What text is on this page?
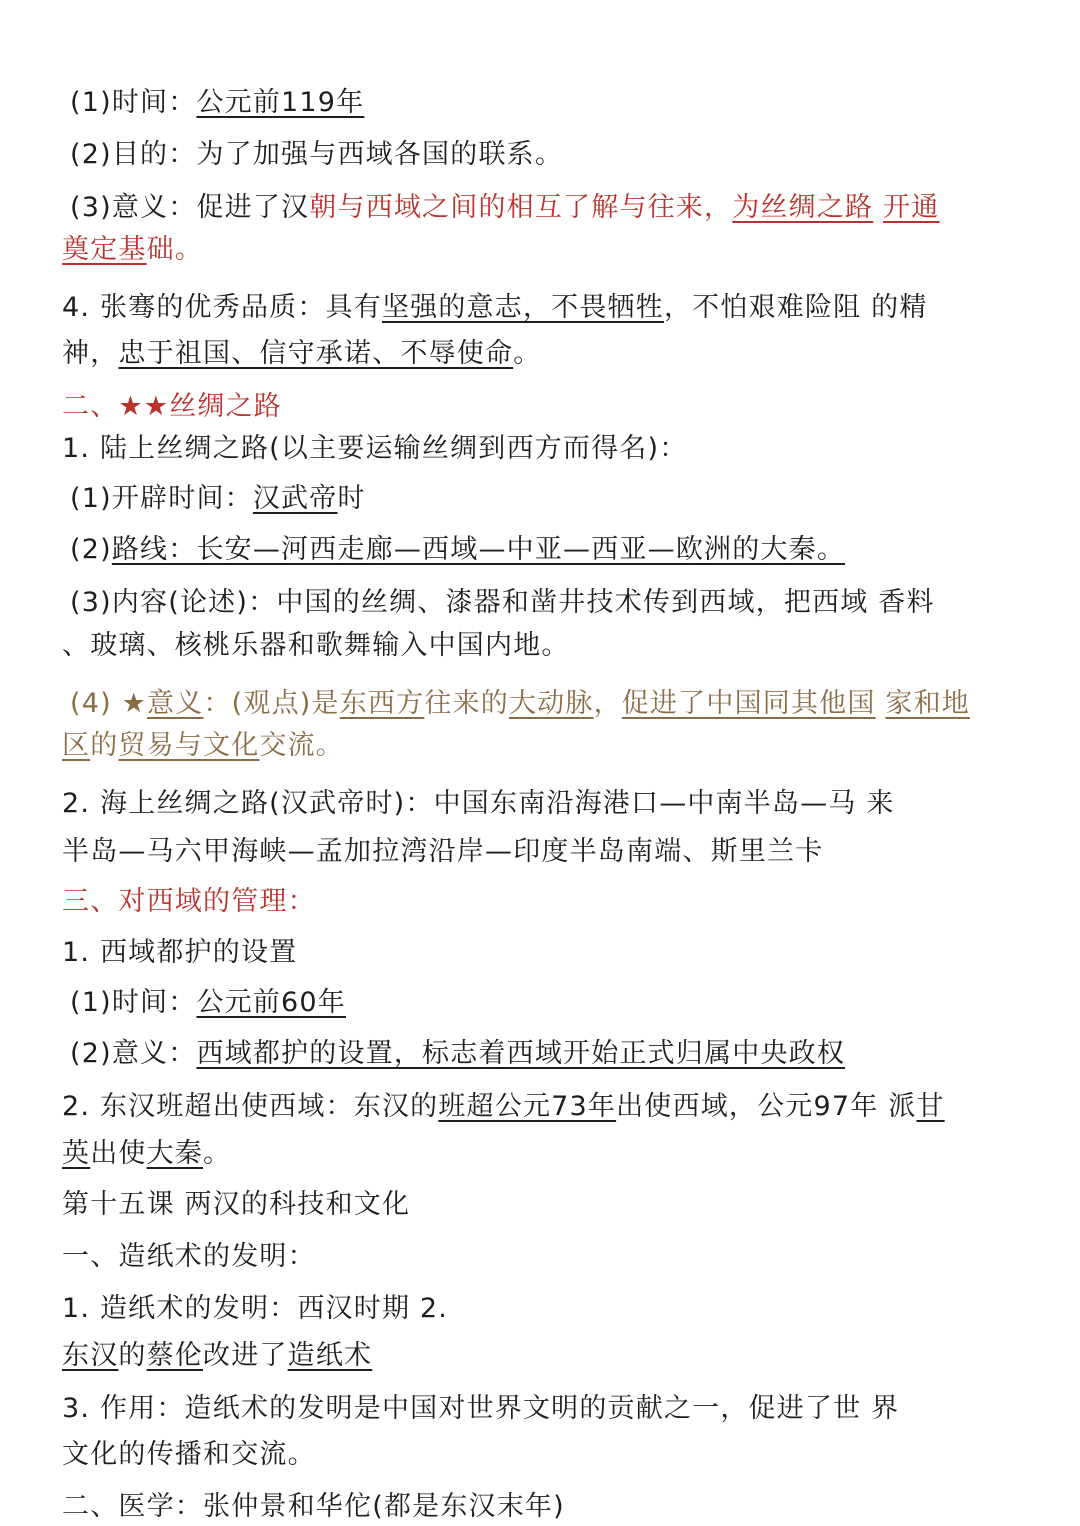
(1)时间：公元前119年
(2)目的：为了加强与西域各国的联系。
(3)意义：促进了汉朝与西域之间的相互了解与往来，为丝绸之路 开通
奠定基础。
4. 张骞的优秀品质：具有坚强的意志，不畏牺牲，不怕艰难险阻 的精
神，忠于祖国、信守承诺、不辱使命。
二、★★丝绸之路
1. 陆上丝绸之路(以主要运输丝绸到西方而得名)：
(1)开辟时间：汉武帝时
(2)路线：长安—河西走廊—西域—中亚—西亚—欧洲的大秦。
(3)内容(论述)：中国的丝绸、漆器和凿井技术传到西域，把西域 香料
、玻璃、核桃乐器和歌舞输入中国内地。
(4) ★意义：(观点)是东西方往来的大动脉，促进了中国同其他国 家和地
区的贸易与文化交流。
2. 海上丝绸之路(汉武帝时)：中国东南沿海港口—中南半岛—马 来
半岛—马六甲海峡—孟加拉湾沿岸—印度半岛南端、斯里兰卡
三、对西域的管理：
1. 西域都护的设置
(1)时间：公元前60年
(2)意义：西域都护的设置，标志着西域开始正式归属中央政权
2. 东汉班超出使西域：东汉的班超公元73年出使西域，公元97年 派甘
英出使大秦。
第十五课 两汉的科技和文化
一、造纸术的发明：
1. 造纸术的发明：西汉时期 2.
东汉的蔡伦改进了造纸术
3. 作用：造纸术的发明是中国对世界文明的贡献之一，促进了世 界
文化的传播和交流。
二、医学：张仲景和华佗(都是东汉末年)
